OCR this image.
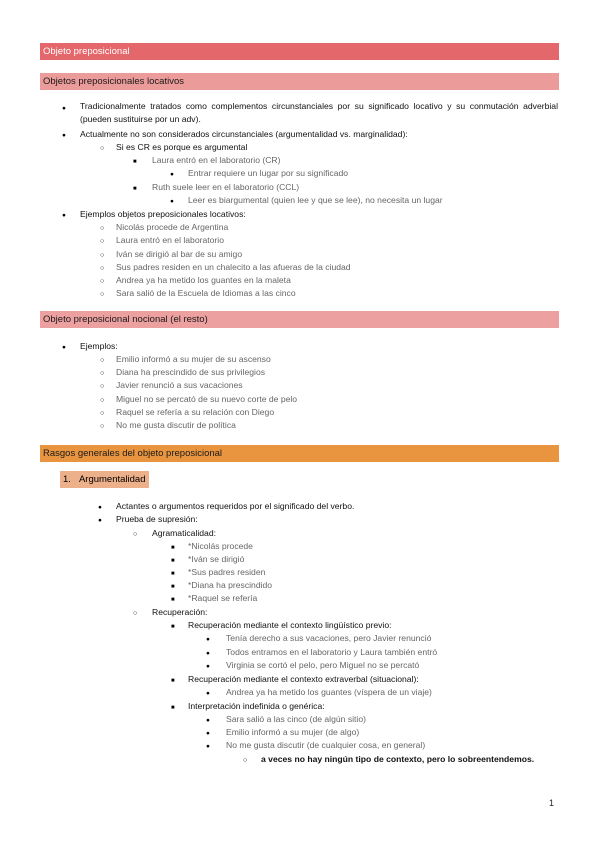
Objeto preposicional
Objetos preposicionales locativos
●
Tradicionalmente tratados como complementos circunstanciales por su significado locativo y su conmutación adverbial (pueden sustituirse por un adv).
●
Actualmente no son considerados circunstanciales (argumentalidad vs. marginalidad):
○
Si es CR es porque es argumental
■
Laura entró en el laboratorio (CR)
●
Entrar requiere un lugar por su significado
■
Ruth suele leer en el laboratorio (CCL)
●
Leer es biargumental (quien lee y que se lee), no necesita un lugar
●
Ejemplos objetos preposicionales locativos:
○
Nicolás procede de Argentina
○
Laura entró en el laboratorio
○
Iván se dirigió al bar de su amigo
○
Sus padres residen en un chalecito a las afueras de la ciudad
○
Andrea ya ha metido los guantes en la maleta
○
Sara salió de la Escuela de Idiomas a las cinco
Objeto preposicional nocional (el resto)
●
Ejemplos:
○
Emilio informó a su mujer de su ascenso
○
Diana ha prescindido de sus privilegios
○
Javier renunció a sus vacaciones
○
Miguel no se percató de su nuevo corte de pelo
○
Raquel se refería a su relación con Diego
○
No me gusta discutir de política
Rasgos generales del objeto preposicional
1. Argumentalidad
●
Actantes o argumentos requeridos por el significado del verbo.
●
Prueba de supresión:
○
Agramaticalidad:
■
*Nicolás procede
■
*Iván se dirigió
■
*Sus padres residen
■
*Diana ha prescindido
■
*Raquel se refería
○
Recuperación:
■
Recuperación mediante el contexto lingüístico previo:
●
Tenía derecho a sus vacaciones, pero Javier renunció
●
Todos entramos en el laboratorio y Laura también entró
●
Virginia se cortó el pelo, pero Miguel no se percató
■
Recuperación mediante el contexto extraverbal (situacional):
●
Andrea ya ha metido los guantes (víspera de un viaje)
■
Interpretación indefinida o genérica:
●
Sara salió a las cinco (de algún sitio)
●
Emilio informó a su mujer (de algo)
●
No me gusta discutir (de cualquier cosa, en general)
○
a veces no hay ningún tipo de contexto, pero lo sobreentendemos.
1
